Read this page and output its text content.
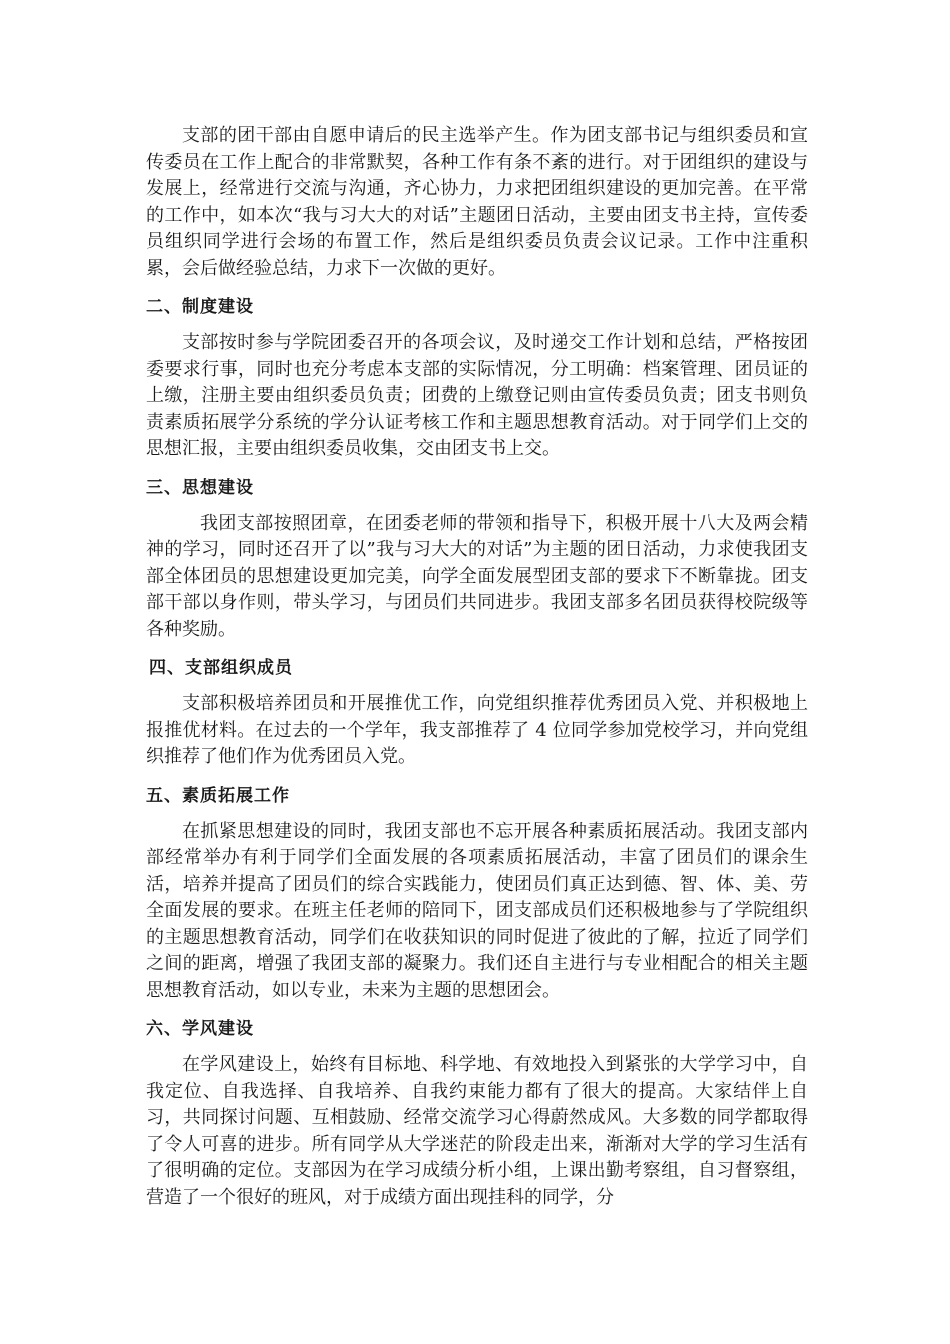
支部的团干部由自愿申请后的民主选举产生。作为团支部书记与组织委员和宣传委员在工作上配合的非常默契，各种工作有条不紊的进行。对于团组织的建设与发展上，经常进行交流与沟通，齐心协力，力求把团组织建设的更加完善。在平常的工作中，如本次“我与习大大的对话”主题团日活动，主要由团支书主持，宣传委员组织同学进行会场的布置工作，然后是组织委员负责会议记录。工作中注重积累，会后做经验总结，力求下一次做的更好。

二、制度建设

支部按时参与学院团委召开的各项会议，及时递交工作计划和总结，严格按团委要求行事，同时也充分考虑本支部的实际情况，分工明确：档案管理、团员证的上缴，注册主要由组织委员负责；团费的上缴登记则由宣传委员负责；团支书则负责素质拓展学分系统的学分认证考核工作和主题思想教育活动。对于同学们上交的思想汇报，主要由组织委员收集，交由团支书上交。

三、思想建设

我团支部按照团章，在团委老师的带领和指导下，积极开展十八大及两会精神的学习，同时还召开了以”我与习大大的对话”为主题的团日活动，力求使我团支部全体团员的思想建设更加完美，向学全面发展型团支部的要求下不断靠拢。团支部干部以身作则，带头学习，与团员们共同进步。我团支部多名团员获得校院级等各种奖励。

四、支部组织成员

支部积极培养团员和开展推优工作，向党组织推荐优秀团员入党、并积极地上报推优材料。在过去的一个学年，我支部推荐了 4 位同学参加党校学习，并向党组织推荐了他们作为优秀团员入党。

五、素质拓展工作

在抓紧思想建设的同时，我团支部也不忘开展各种素质拓展活动。我团支部内部经常举办有利于同学们全面发展的各项素质拓展活动，丰富了团员们的课余生活，培养并提高了团员们的综合实践能力，使团员们真正达到德、智、体、美、劳全面发展的要求。在班主任老师的陪同下，团支部成员们还积极地参与了学院组织的主题思想教育活动，同学们在收获知识的同时促进了彼此的了解，拉近了同学们之间的距离，增强了我团支部的凝聚力。我们还自主进行与专业相配合的相关主题思想教育活动，如以专业，未来为主题的思想团会。

六、学风建设

在学风建设上，始终有目标地、科学地、有效地投入到紧张的大学学习中，自我定位、自我选择、自我培养、自我约束能力都有了很大的提高。大家结伴上自习，共同探讨问题、互相鼓励、经常交流学习心得蔚然成风。大多数的同学都取得了令人可喜的进步。所有同学从大学迷茫的阶段走出来，渐渐对大学的学习生活有了很明确的定位。支部因为在学习成绩分析小组，上课出勤考察组，自习督察组，营造了一个很好的班风，对于成绩方面出现挂科的同学，分
